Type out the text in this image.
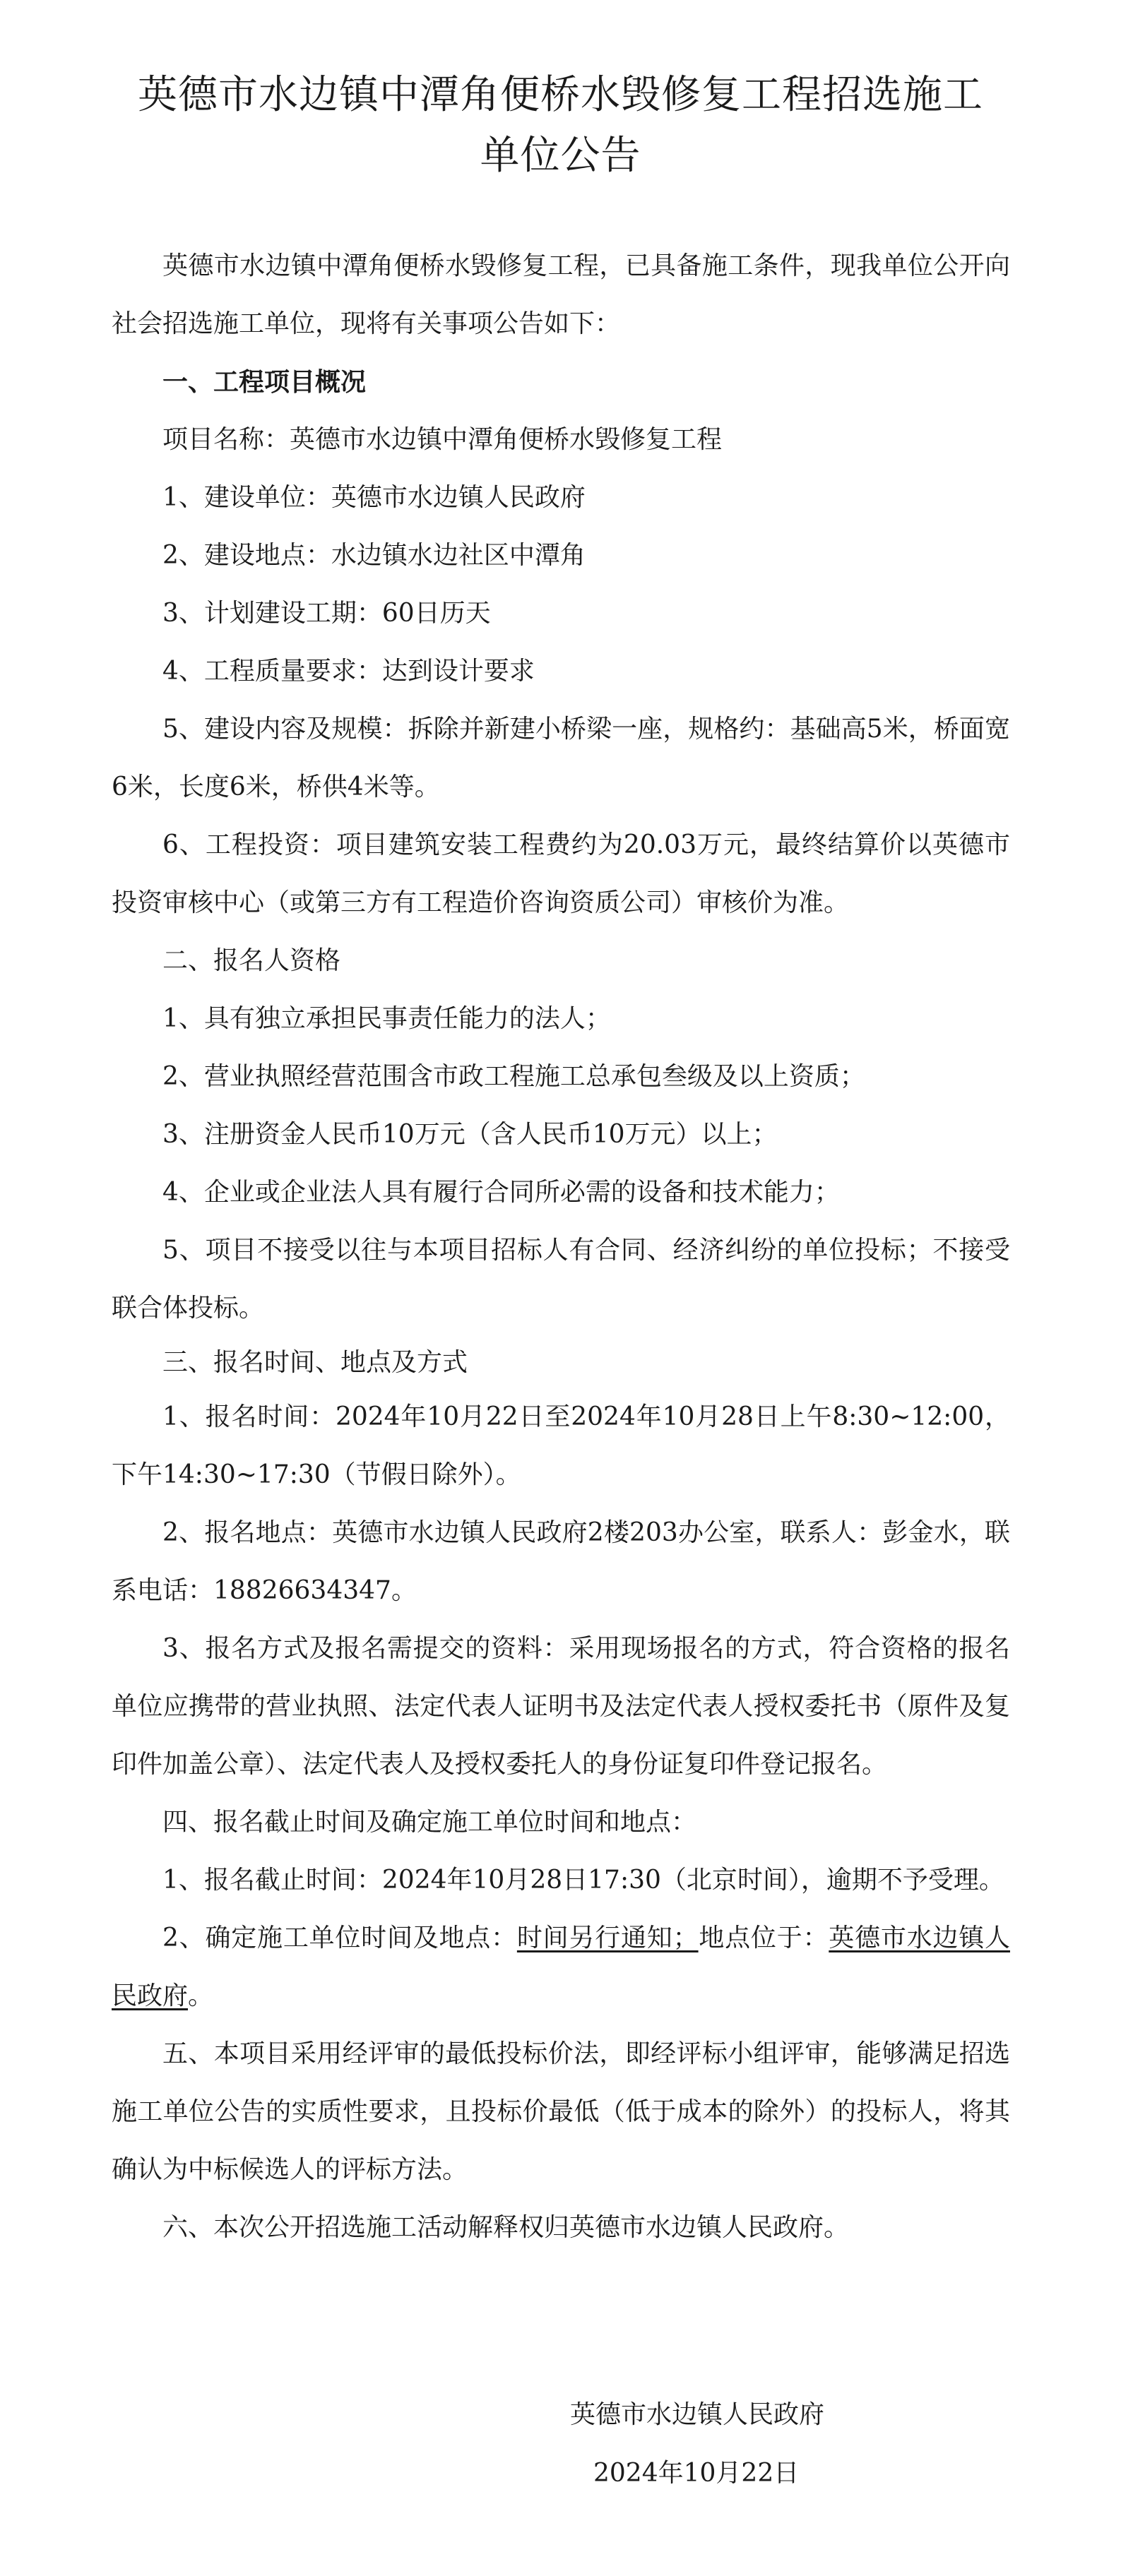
英德市水边镇中潭角便桥水毁修复工程招选施工
单位公告

英德市水边镇中潭角便桥水毁修复工程，已具备施工条件，现我单位公开向社会招选施工单位，现将有关事项公告如下：

一、工程项目概况

项目名称：英德市水边镇中潭角便桥水毁修复工程

1、建设单位：英德市水边镇人民政府

2、建设地点：水边镇水边社区中潭角

3、计划建设工期：60日历天

4、工程质量要求：达到设计要求

5、建设内容及规模：拆除并新建小桥梁一座，规格约：基础高5米，桥面宽6米，长度6米，桥供4米等。

6、工程投资：项目建筑安装工程费约为20.03万元，最终结算价以英德市投资审核中心（或第三方有工程造价咨询资质公司）审核价为准。

二、报名人资格

1、具有独立承担民事责任能力的法人；

2、营业执照经营范围含市政工程施工总承包叁级及以上资质；

3、注册资金人民币10万元（含人民币10万元）以上；

4、企业或企业法人具有履行合同所必需的设备和技术能力；

5、项目不接受以往与本项目招标人有合同、经济纠纷的单位投标；不接受联合体投标。

三、报名时间、地点及方式

1、报名时间：2024年10月22日至2024年10月28日上午8:30~12:00，下午14:30~17:30（节假日除外）。

2、报名地点：英德市水边镇人民政府2楼203办公室，联系人：彭金水，联系电话：18826634347。

3、报名方式及报名需提交的资料：采用现场报名的方式，符合资格的报名单位应携带的营业执照、法定代表人证明书及法定代表人授权委托书（原件及复印件加盖公章）、法定代表人及授权委托人的身份证复印件登记报名。

四、报名截止时间及确定施工单位时间和地点：

1、报名截止时间：2024年10月28日17:30（北京时间），逾期不予受理。

2、确定施工单位时间及地点：时间另行通知；地点位于：英德市水边镇人民政府。

五、本项目采用经评审的最低投标价法，即经评标小组评审，能够满足招选施工单位公告的实质性要求，且投标价最低（低于成本的除外）的投标人，将其确认为中标候选人的评标方法。

六、本次公开招选施工活动解释权归英德市水边镇人民政府。

英德市水边镇人民政府
2024年10月22日
